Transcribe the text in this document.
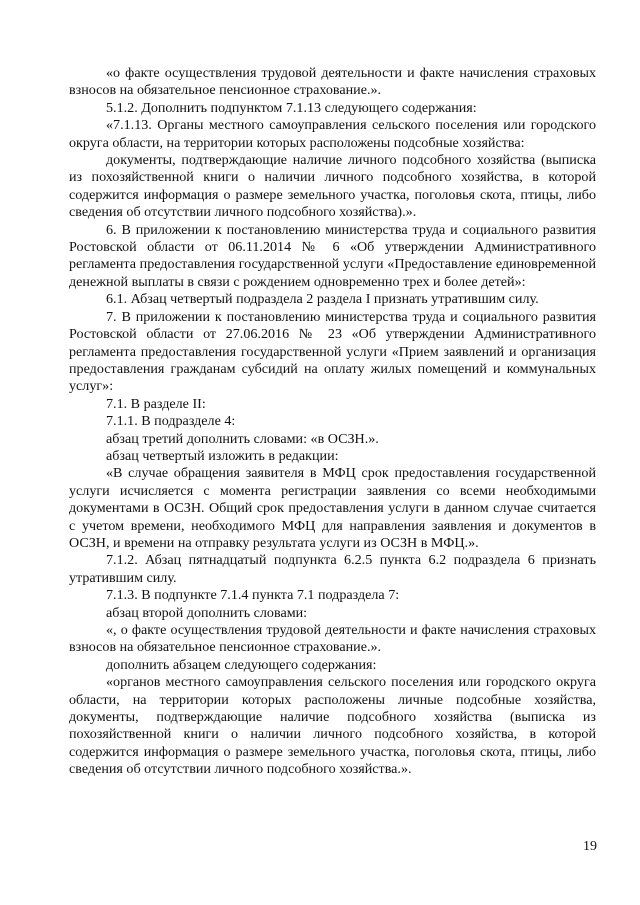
«о факте осуществления трудовой деятельности и факте начисления страховых взносов на обязательное пенсионное страхование.».

5.1.2. Дополнить подпунктом 7.1.13 следующего содержания:

«7.1.13. Органы местного самоуправления сельского поселения или городского округа области, на территории которых расположены подсобные хозяйства:

документы, подтверждающие наличие личного подсобного хозяйства (выписка из похозяйственной книги о наличии личного подсобного хозяйства, в которой содержится информация о размере земельного участка, поголовья скота, птицы, либо сведения об отсутствии личного подсобного хозяйства).».

6. В приложении к постановлению министерства труда и социального развития Ростовской области от 06.11.2014 № 6 «Об утверждении Административного регламента предоставления государственной услуги «Предоставление единовременной денежной выплаты в связи с рождением одновременно трех и более детей»:

6.1. Абзац четвертый подраздела 2 раздела I признать утратившим силу.

7. В приложении к постановлению министерства труда и социального развития Ростовской области от 27.06.2016 № 23 «Об утверждении Административного регламента предоставления государственной услуги «Прием заявлений и организация предоставления гражданам субсидий на оплату жилых помещений и коммунальных услуг»:

7.1. В разделе II:

7.1.1. В подразделе 4:

абзац третий дополнить словами: «в ОСЗН.».

абзац четвертый изложить в редакции:

«В случае обращения заявителя в МФЦ срок предоставления государственной услуги исчисляется с момента регистрации заявления со всеми необходимыми документами в ОСЗН. Общий срок предоставления услуги в данном случае считается с учетом времени, необходимого МФЦ для направления заявления и документов в ОСЗН, и времени на отправку результата услуги из ОСЗН в МФЦ.».

7.1.2. Абзац пятнадцатый подпункта 6.2.5 пункта 6.2 подраздела 6 признать утратившим силу.

7.1.3. В подпункте 7.1.4 пункта 7.1 подраздела 7:

абзац второй дополнить словами:

«, о факте осуществления трудовой деятельности и факте начисления страховых взносов на обязательное пенсионное страхование.».

дополнить абзацем следующего содержания:

«органов местного самоуправления сельского поселения или городского округа области, на территории которых расположены личные подсобные хозяйства, документы, подтверждающие наличие подсобного хозяйства (выписка из похозяйственной книги о наличии личного подсобного хозяйства, в которой содержится информация о размере земельного участка, поголовья скота, птицы, либо сведения об отсутствии личного подсобного хозяйства.».

19
